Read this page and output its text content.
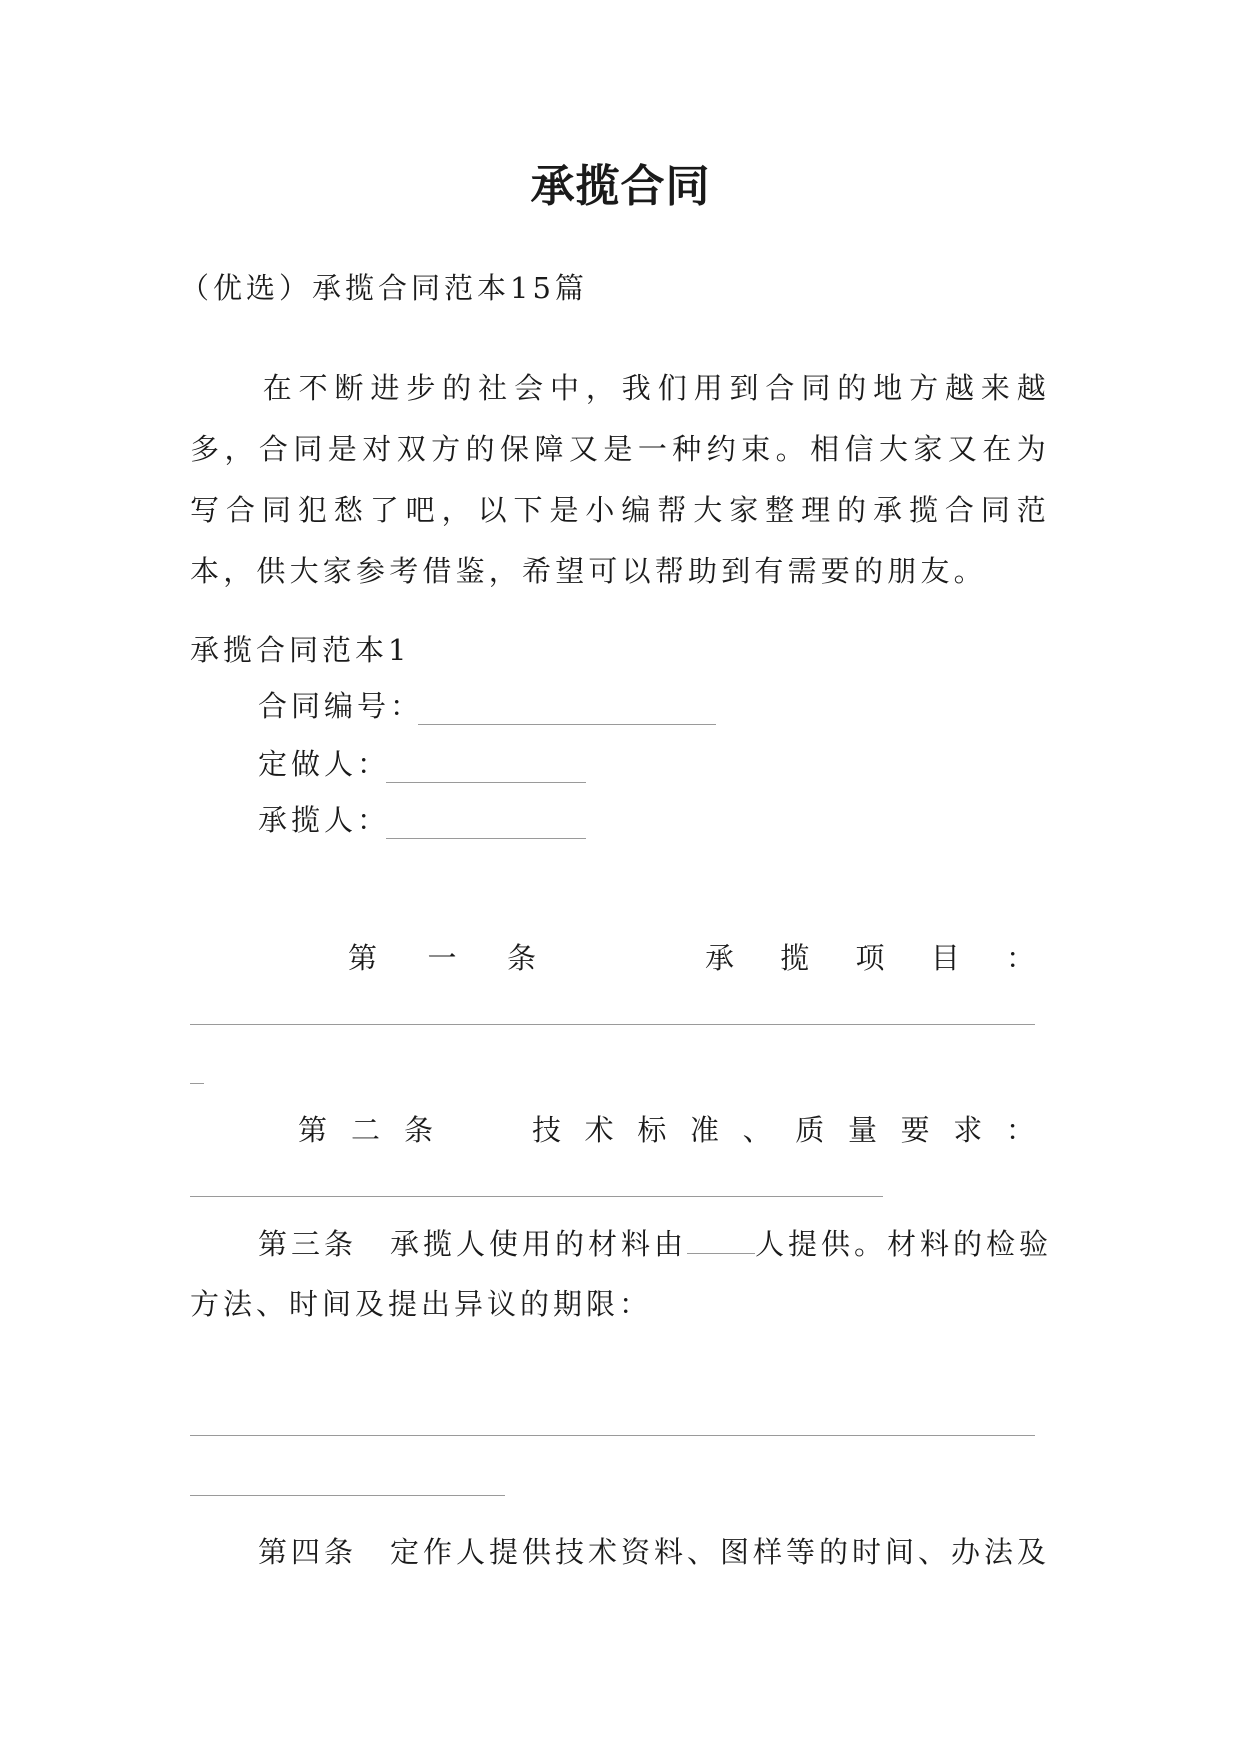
承揽合同

（优选）承揽合同范本15篇

在不断进步的社会中，我们用到合同的地方越来越多，合同是对双方的保障又是一种约束。相信大家又在为写合同犯愁了吧，以下是小编帮大家整理的承揽合同范本，供大家参考借鉴，希望可以帮助到有需要的朋友。

承揽合同范本1

合同编号：

定做人：

承揽人：

第 一 条	承 揽 项 目 ：
第 二 条	技 术 标 准 、 质 量 要 求 ：

第三条　承揽人使用的材料由 人提供。材料的检验

方法、时间及提出异议的期限：

第四条　定作人提供技术资料、图样等的时间、办法及
